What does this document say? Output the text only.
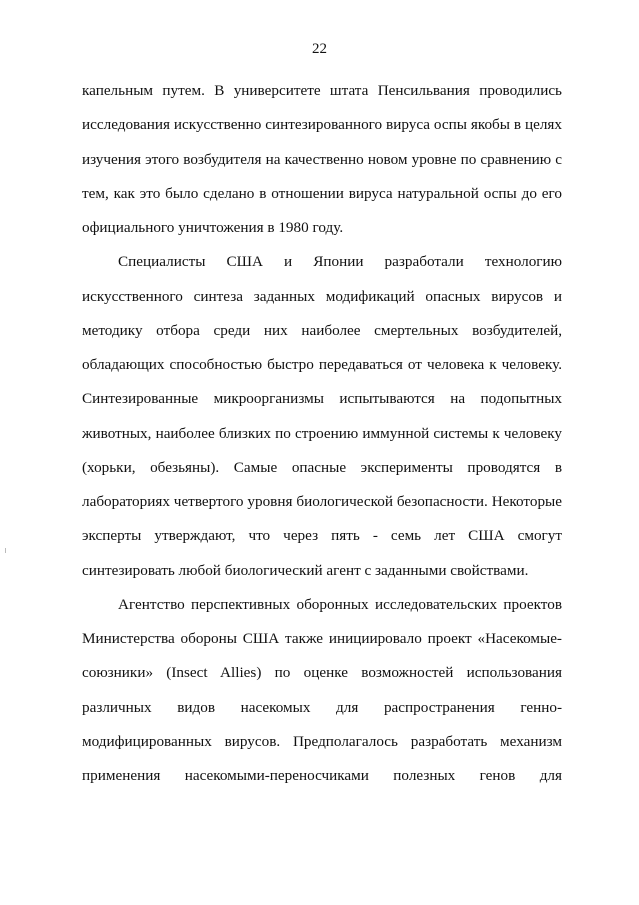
22
капельным путем. В университете штата Пенсильвания проводились
исследования искусственно синтезированного вируса оспы якобы в целях
изучения этого возбудителя на качественно новом уровне по сравнению с
тем, как это было сделано в отношении вируса натуральной оспы до его
официального уничтожения в 1980 году.
Специалисты США и Японии разработали технологию
искусственного синтеза заданных модификаций опасных вирусов и
методику отбора среди них наиболее смертельных возбудителей,
обладающих способностью быстро передаваться от человека к человеку.
Синтезированные микроорганизмы испытываются на подопытных
животных, наиболее близких по строению иммунной системы к человеку
(хорьки, обезьяны). Самые опасные эксперименты проводятся в
лабораториях четвертого уровня биологической безопасности. Некоторые
эксперты утверждают, что через пять - семь лет США смогут
синтезировать любой биологический агент с заданными свойствами.
Агентство перспективных оборонных исследовательских проектов
Министерства обороны США также инициировало проект «Насекомые-
союзники» (Insect Allies) по оценке возможностей использования
различных видов насекомых для распространения генно-
модифицированных вирусов. Предполагалось разработать механизм
применения насекомыми-переносчиками полезных генов для
